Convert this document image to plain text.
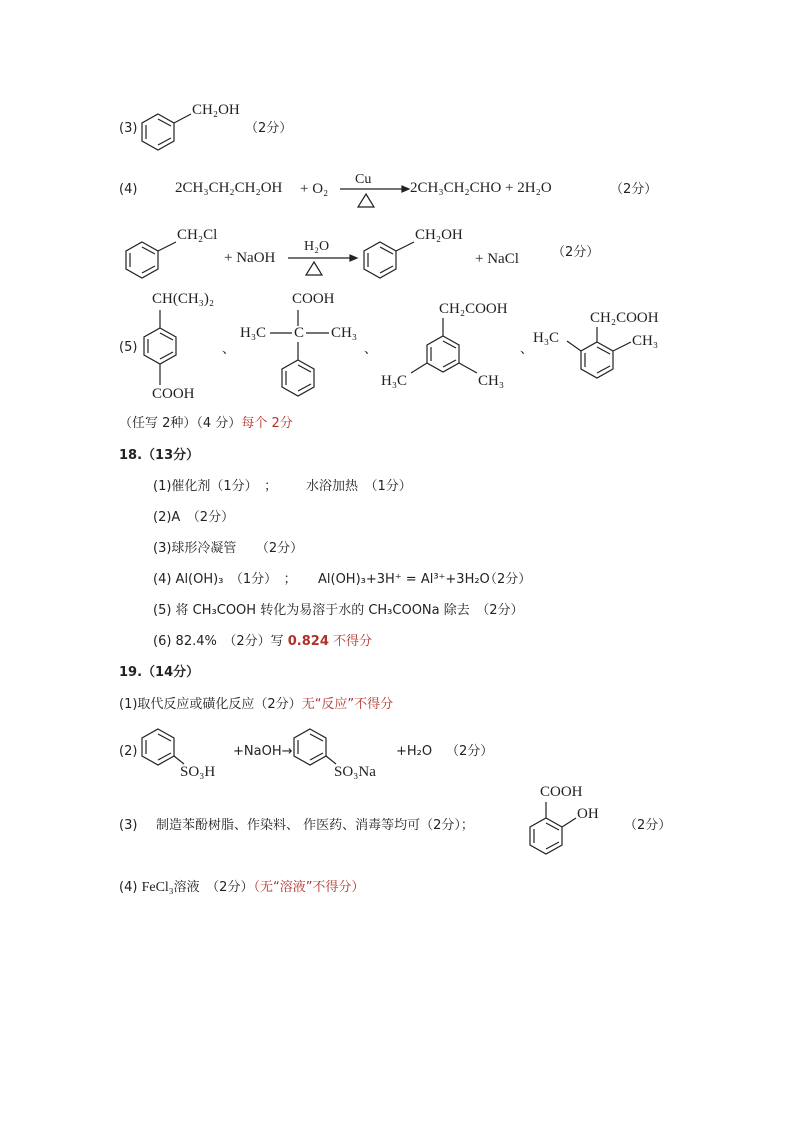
(3)
CH₂OH
（2分）
(4)	2CH₃CH₂CH₂OH + O₂
Cu
2CH₃CH₂CHO + 2H₂O	（2分）
CH₂Cl
+ NaOH
H₂O
CH₂OH
+ NaCl	（2分）
(5)
CH(CH₃)₂
COOH
、
COOH
H₃C C CH₃
、
CH₂COOH
H₃C	CH₃
、
CH₂COOH
H₃C	CH₃
（任写 2种）（4 分）每个 2分
18.（13分）
(1)催化剂（1分）　； 水浴加热　（1分）
(2)A　（2分）
(3)球形冷凝管　　（2分）
(4) Al(OH)₃　（1分）　； Al(OH)₃+3H⁺ = Al³⁺+3H₂O
（2分）
(5) 将 CH₃COOH 转化为易溶于水的 CH₃COONa 除去　（2分）
(6) 82.4%　（2分）写 0.824 不得分
19.（14分）
(1)取代反应或磺化反应（2分）无“反应”不得分
(2)
SO₃H
+NaOH→
SO₃Na
+H₂O （2分）
(3) 制造苯酚树脂、作染料、 作医药、消毒等均可（2分）；
COOH
OH
（2分）
(4) FeCl₃溶液　（2分）（无“溶液”不得分）
